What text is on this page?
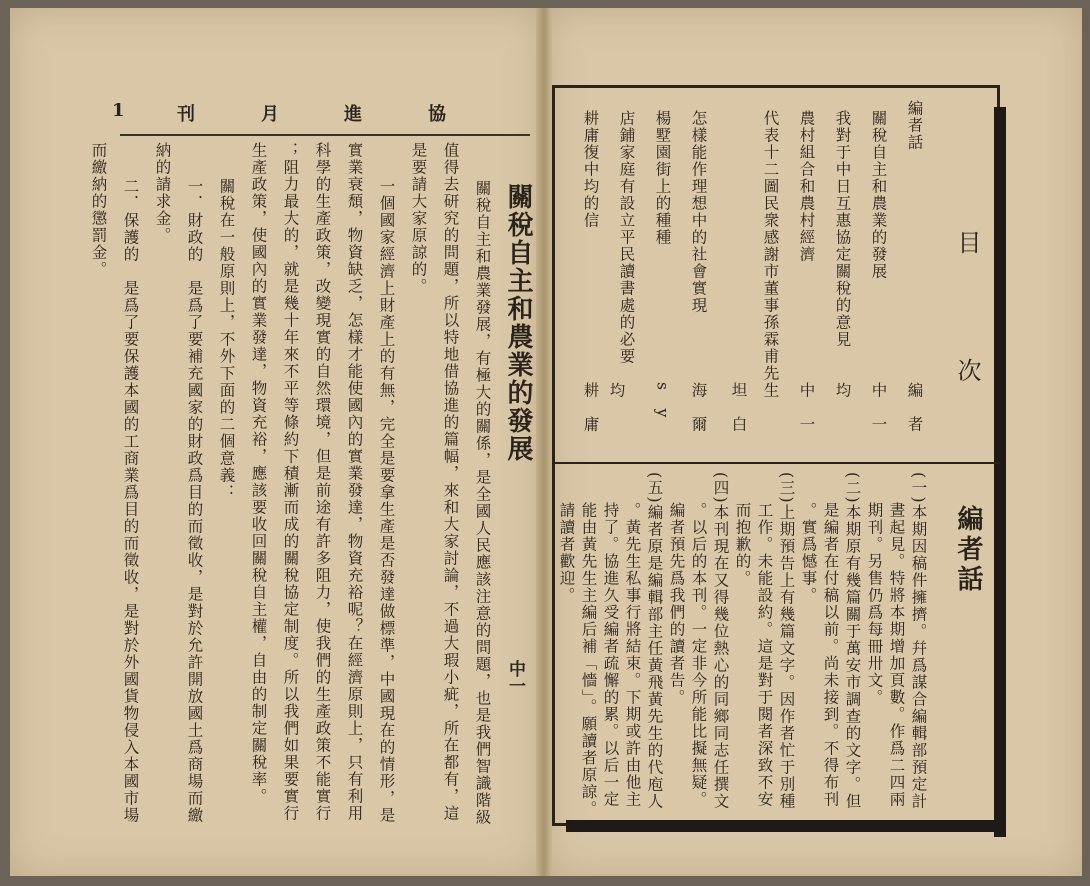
協
進
月
刊
1
關稅自主和農業的發展
中一
關稅自主和農業發展，有極大的關係，是全國人民應該注意的問題，也是我們智識階級
值得去研究的問題，所以特地借協進的篇幅，來和大家討論，不過大瑕小疵，所在都有，這
是要請大家原諒的。
一個國家經濟上財產上的有無，完全是要拿生產是否發達做標準，中國現在的情形，是
實業衰頹，物資缺乏，怎樣才能使國內的實業發達，物資充裕呢？在經濟原則上，只有利用
科學的生產政策，改變現實的自然環境，但是前途有許多阻力，使我們的生產政策不能實行
；阻力最大的，就是幾十年來不平等條約下積漸而成的關稅協定制度。所以我們如果要實行
生產政策，使國內的實業發達，物資充裕，應該要收回關稅自主權，自由的制定關稅率。
關稅在一般原則上，不外下面的二個意義：
一．財政的　是爲了要補充國家的財政爲目的而徵收，是對於允許開放國土爲商場而繳
納的請求金。
二．保護的　是爲了要保護本國的工商業爲目的而徵收，是對於外國貨物侵入本國市場
而繳納的懲罰金。
目　次
編者話
編　者
關稅自主和農業的發展
中　一
我對于中日互惠協定關稅的意見
均
農村組合和農村經濟
中　一
代表十二圖民衆感謝市董事孫霖甫先生
坦　白
怎樣能作理想中的社會實現
海　爾
楊墅園街上的種種
s　y
店鋪家庭有設立平民讀書處的必要
均
耕庸復中均的信
耕　庸
編者話
(一)本期因稿件擁擠。幷爲謀合編輯部預定計
晝起見。特將本期增加頁數。作爲二四兩
期刊。另售仍爲每冊卅文。
(二)本期原有幾篇關于萬安市調查的文字。但
是編者在付稿以前。尚未接到。不得布刊
。實爲憾事。
(三)上期預告上有幾篇文字。因作者忙于別種
工作。未能設約。這是對于閱者深致不安
而抱歉的。
(四)本刊現在又得幾位熱心的同鄉同志任撰文
。以后的本刊。一定非今所能比擬無疑。
編者預先爲我們的讀者告。
(五)編者原是編輯部主任黃飛黃先生的代庖人
。黃先生私事行將結束。下期或許由他主
持了。協進久受編者疏懈的累。以后一定
能由黃先生主編后補「懎」。願讀者原諒。
請讀者歡迎。
